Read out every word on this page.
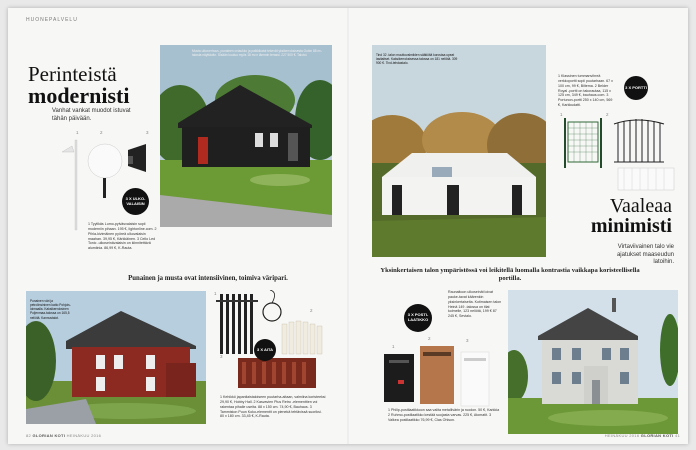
HUONEPALVELU
Perinteistä
modernisti
Vanhat vankat muodot istuvat tähän päivään.
Musta ulkoverhous, punainen oviaukko ja palkkikatot tekevät yksikerroksisesta Gobin 88 m²-talosta näyttävän. Sisään kuuluu myös 18 m²:n lämmin terassi. 227 500 €. Talotoi.
1	2	3
3 X ULKO-VALAISIN
1 Tyylikäs Lumo-pylväsvalaisin sopii moderniin pihaan. 195 €, lightonline.com. 2 Pihla-kivimäinen pyöreä ulkovalaisin maahan. 39,95 €, Kärkkäinen. 3 Cello Led Tonic -ulkoseinävalaisin on kiinnitettävä alumiinia. 86,99 €, K-Rauta.
Punainen ja musta ovat intensiivinen, toimiva väripari.
Punainen väri ja petrolinsininen katto Pohjois-loimaalla. Kaksikerroksinen Poljenmaa-talossa on 165,5 neliötä. Kannustalot.
1
2
3
3 X AITA
1 Kehikkö japanilaistaloiseen puutarha-aitaan, valmiina koristeeksi 29,90 €, Hobby Hall. 2 Kasvavien Plus Retro -elementtien voi rakentaa pihalle useita. 88 x 150 cm. 74,90 €, Bauhaus. 3 Tammiston Puun Koko-elementit on pienekä tehtävissä suoriksi. 80 x 180 cm. 33,45 €, K-Rauta.
82 GLORIAN KOTI HEINÄKUU 2016
Tind 32 -talon muuttovalmiiden säätiöitä korostaa upeat lasitaitset. Kaksikerroksisessa talossa on 181 neliötä. 309 900 €. Tind-tehdastalo.
1 Klassinen tummanvihreä verkkoportti sopii puutarhaan. 67 x 100 cm, 99 €, Biltema. 2 Belder Royal -portti on takorautaa, 115 x 125 cm, 349 €, bauhaus.com. 3 Portunon-portti 250 x 140 cm, 569 €, Karkkudatti.
3 X PORTTI
1	2
Vaaleaa
minimisti
Virtaviivainen talo vie ajatukset maaseudun latoihin.
Yksinkertaisen talon ympäristössä voi leikitellä luomalla kontrastia vaikkapa koristeellisella portilla.
3 X POSTI-LAATIKKO
Raunaltoon ulkoseinät loivat pauke-tavat käärenkin yksinkertaiselta. Kotimaisen talon Heinä 149 -talossa on tilat kolmelle, 123 neliötä, 199 € 87 245 €, Sevtalo.
1
2	3
1 Philip-postilaatikkoon saa valita metallivärin ja ruodon. 50 €, Karkkia 2 Ruhmo-postilaatikko kestää suojasta varvas. 225 €, Atomatit. 3 Valkea postilaatikko 76,99 €, Clas Ohlson.
HEINÄKUU 2016 GLORIAN KOTI 41
